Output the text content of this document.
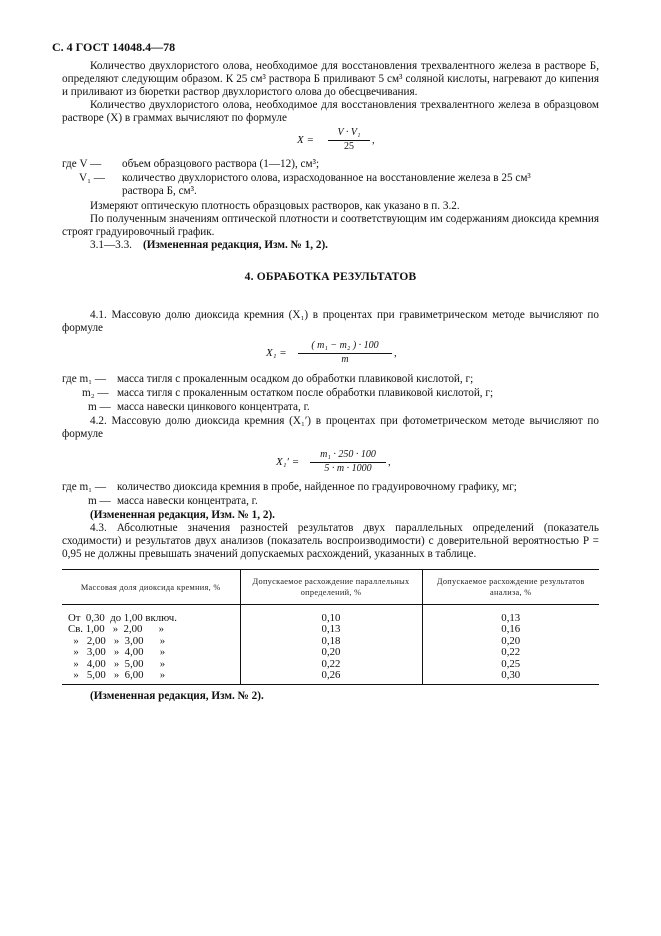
С. 4 ГОСТ 14048.4—78
Количество двухлористого олова, необходимое для восстановления трехвалентного железа в растворе Б, определяют следующим образом. К 25 см³ раствора Б приливают 5 см³ соляной кислоты, нагревают до кипения и приливают из бюретки раствор двухлористого олова до обесцвечивания.
Количество двухлористого олова, необходимое для восстановления трехвалентного железа в образцовом растворе (X) в граммах вычисляют по формуле
X =
V · V₁
25
,
где V — объем образцового раствора (1—12), см³;
V₁ — количество двухлористого олова, израсходованное на восстановление железа в 25 см³
раствора Б, см³.
Измеряют оптическую плотность образцовых растворов, как указано в п. 3.2.
По полученным значениям оптической плотности и соответствующим им содержаниям диоксида кремния строят градуировочный график.
3.1—3.3. (Измененная редакция, Изм. № 1, 2).
4. ОБРАБОТКА РЕЗУЛЬТАТОВ
4.1. Массовую долю диоксида кремния (X₁) в процентах при гравиметрическом методе вычисляют по формуле
X₁ =
( m₁ − m₂ ) · 100
m
,
где m₁ — масса тигля с прокаленным осадком до обработки плавиковой кислотой, г;
m₂ — масса тигля с прокаленным остатком после обработки плавиковой кислотой, г;
m — масса навески цинкового концентрата, г.
4.2. Массовую долю диоксида кремния (X₁′) в процентах при фотометрическом методе вычисляют по формуле
X₁′ =
m₁ · 250 · 100
5 · m · 1000
,
где m₁ — количество диоксида кремния в пробе, найденное по градуировочному графику, мг;
m — масса навески концентрата, г.
(Измененная редакция, Изм. № 1, 2).
4.3. Абсолютные значения разностей результатов двух параллельных определений (показатель сходимости) и результатов двух анализов (показатель воспроизводимости) с доверительной вероятностью P = 0,95 не должны превышать значений допускаемых расхождений, указанных в таблице.
Массовая доля диоксида кремния, %	Допускаемое расхождение параллельных определений, %	Допускаемое расхождение результатов анализа, %

От  0,30  до 1,00 включ.	0,10	0,13
Св. 1,00   »  2,00      »	0,13	0,16
»   2,00   »  3,00      »	0,18	0,20
»   3,00   »  4,00      »	0,20	0,22
»   4,00   »  5,00      »	0,22	0,25
»   5,00   »  6,00      »	0,26	0,30
(Измененная редакция, Изм. № 2).
